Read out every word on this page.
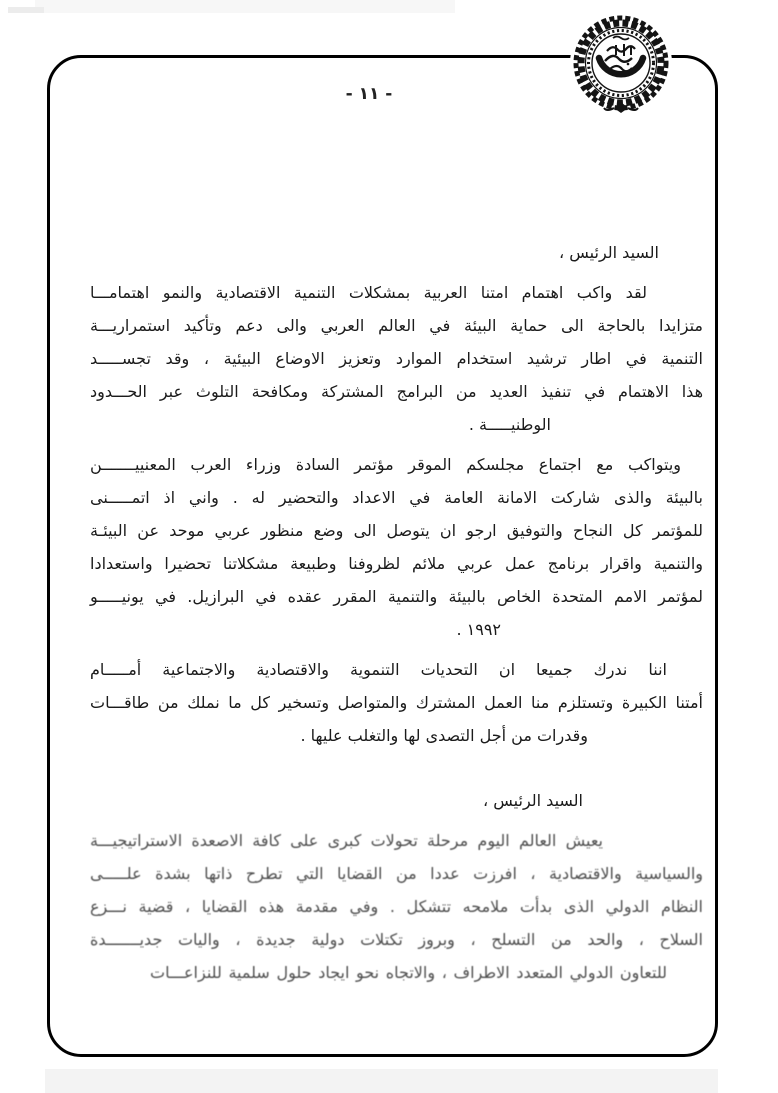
- ١١ -
السيد الرئيس ،
لقد واكب اهتمام امتنا العربية بمشكلات التنمية الاقتصادية والنمو اهتمامـــا
متزايدا بالحاجة الى حماية البيئة في العالم العربي والى دعم وتأكيد استمراريـــة
التنمية في اطار ترشيد استخدام الموارد وتعزيز الاوضاع البيئية ، وقد تجســـــد
هذا الاهتمام في تنفيذ العديد من البرامج المشتركة ومكافحة التلوث عبر الحـــدود
الوطنيـــــة .
ويتواكب مع اجتماع مجلسكم الموقر مؤتمر السادة وزراء العرب المعنييـــــــن
بالبيئة والذى شاركت الامانة العامة في الاعداد والتحضير له . واني اذ اتمـــــنى
للمؤتمر كل النجاح والتوفيق ارجو ان يتوصل الى وضع منظور عربي موحد عن البيئـة
والتنمية واقرار برنامج عمل عربي ملائم لظروفنا وطبيعة مشكلاتنا تحضيرا واستعدادا
لمؤتمر الامم المتحدة الخاص بالبيئة والتنمية المقرر عقده في البرازيل. في يونيـــــو
١٩٩٢ .
اننا ندرك جميعا ان التحديات التنموية والاقتصادية والاجتماعية أمـــــام
أمتنا الكبيرة وتستلزم منا العمل المشترك والمتواصل وتسخير كل ما نملك من طاقـــات
وقدرات من أجل التصدى لها والتغلب عليها .
السيد الرئيس ،
يعيش العالم اليوم مرحلة تحولات كبرى على كافة الاصعدة الاستراتيجيـــة
والسياسية والاقتصادية ، افرزت عددا من القضايا التي تطرح ذاتها بشدة علـــــى
النظام الدولي الذى بدأت ملامحه تتشكل . وفي مقدمة هذه القضايا ، قضية نـــزع
السلاح ، والحد من التسلح ، وبروز تكتلات دولية جديدة ، واليات جديـــــــدة
للتعاون الدولي المتعدد الاطراف ، والاتجاه نحو ايجاد حلول سلمية للنزاعـــات
